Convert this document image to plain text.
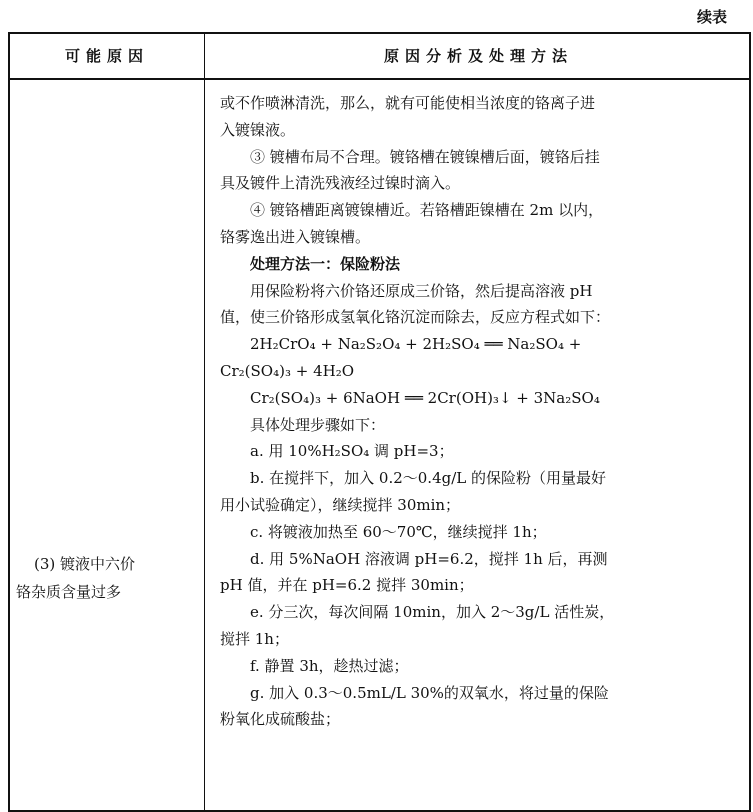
续表
可能原因	原因分析及处理方法
(3) 镀液中六价
铬杂质含量过多
或不作喷淋清洗，那么，就有可能使相当浓度的铬离子进
入镀镍液。
③ 镀槽布局不合理。镀铬槽在镀镍槽后面，镀铬后挂
具及镀件上清洗残液经过镍时滴入。
④ 镀铬槽距离镀镍槽近。若铬槽距镍槽在 2m 以内，
铬雾逸出进入镀镍槽。
处理方法一：保险粉法
用保险粉将六价铬还原成三价铬，然后提高溶液 pH
值，使三价铬形成氢氧化铬沉淀而除去，反应方程式如下：
2H₂CrO₄ + Na₂S₂O₄ + 2H₂SO₄ ══ Na₂SO₄ +
Cr₂(SO₄)₃ + 4H₂O
Cr₂(SO₄)₃ + 6NaOH ══ 2Cr(OH)₃↓ + 3Na₂SO₄
具体处理步骤如下：
a. 用 10%H₂SO₄ 调 pH=3；
b. 在搅拌下，加入 0.2～0.4g/L 的保险粉（用量最好
用小试验确定），继续搅拌 30min；
c. 将镀液加热至 60～70℃，继续搅拌 1h；
d. 用 5%NaOH 溶液调 pH=6.2，搅拌 1h 后，再测
pH 值，并在 pH=6.2 搅拌 30min；
e. 分三次，每次间隔 10min，加入 2～3g/L 活性炭，
搅拌 1h；
f. 静置 3h，趁热过滤；
g. 加入 0.3～0.5mL/L 30%的双氧水，将过量的保险
粉氧化成硫酸盐；
